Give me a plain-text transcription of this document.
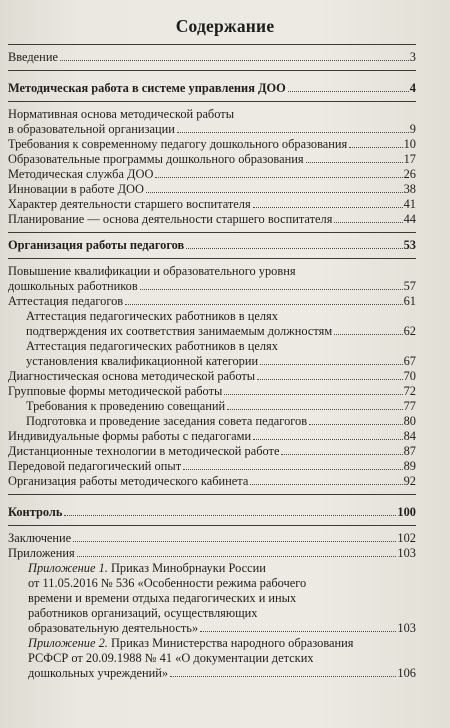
Содержание
Введение	3
Методическая работа в системе управления ДОО	4
Нормативная основа методической работы
в образовательной организации	9
Требования к современному педагогу дошкольного образования	10
Образовательные программы дошкольного образования	17
Методическая служба ДОО	26
Инновации в работе ДОО	38
Характер деятельности старшего воспитателя	41
Планирование — основа деятельности старшего воспитателя	44
Организация работы педагогов	53
Повышение квалификации и образовательного уровня
дошкольных работников	57
Аттестация педагогов	61
Аттестация педагогических работников в целях
подтверждения их соответствия занимаемым должностям	62
Аттестация педагогических работников в целях
установления квалификационной категории	67
Диагностическая основа методической работы	70
Групповые формы методической работы	72
Требования к проведению совещаний	77
Подготовка и проведение заседания совета педагогов	80
Индивидуальные формы работы с педагогами	84
Дистанционные технологии в методической работе	87
Передовой педагогический опыт	89
Организация работы методического кабинета	92
Контроль	100
Заключение	102
Приложения	103
Приложение 1. Приказ Минобрнауки России
от 11.05.2016 № 536 «Особенности режима рабочего
времени и времени отдыха педагогических и иных
работников организаций, осуществляющих
образовательную деятельность»	103
Приложение 2. Приказ Министерства народного образования
РСФСР от 20.09.1988 № 41 «О документации детских
дошкольных учреждений»	106
